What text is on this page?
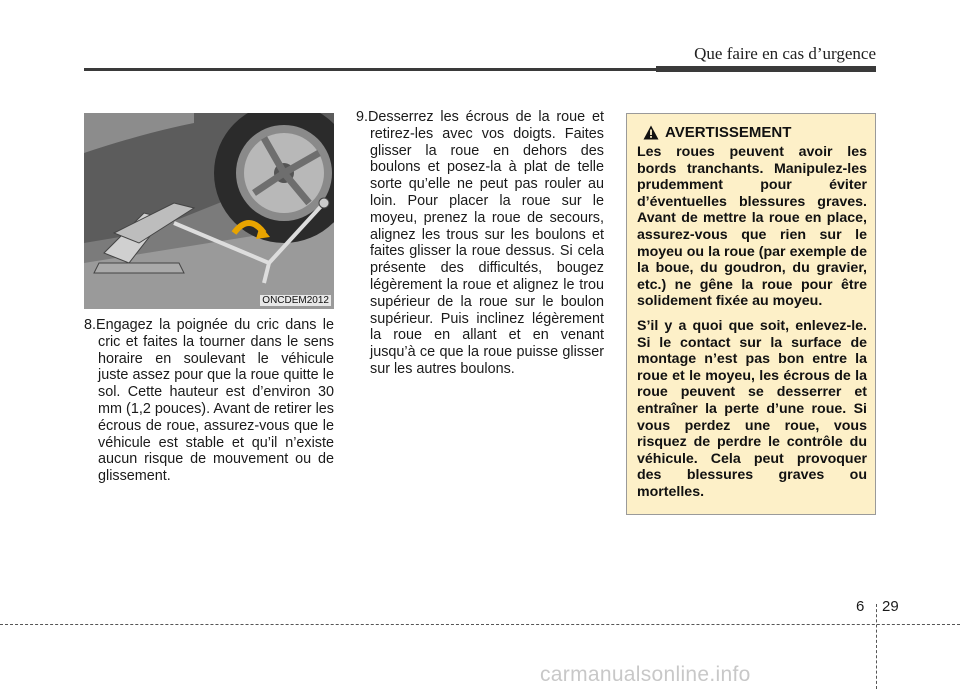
Que faire en cas d’urgence
ONCDEM2012

8.Engagez la poignée du cric dans le cric et faites la tourner dans le sens horaire en soulevant le véhicule juste assez pour que la roue quitte le sol. Cette hauteur est d’environ 30 mm (1,2 pouces). Avant de retirer les écrous de roue, assurez-vous que le véhicule est stable et qu’il n’existe aucun risque de mouvement ou de glissement.

9.Desserrez les écrous de la roue et retirez-les avec vos doigts. Faites glisser la roue en dehors des boulons et posez-la à plat de telle sorte qu’elle ne peut pas rouler au loin. Pour placer la roue sur le moyeu, prenez la roue de secours, alignez les trous sur les boulons et faites glisser la roue dessus. Si cela présente des difficultés, bougez légèrement la roue et alignez le trou supérieur de la roue sur le boulon supérieur. Puis inclinez légèrement la roue en allant et en venant jusqu’à ce que la roue puisse glisser sur les autres boulons.

AVERTISSEMENT

Les roues peuvent avoir les bords tranchants. Manipulez-les prudemment pour éviter d’éventuelles blessures graves. Avant de mettre la roue en place, assurez-vous que rien sur le moyeu ou la roue (par exemple de la boue, du goudron, du gravier, etc.) ne gêne la roue pour être solidement fixée au moyeu.

S’il y a quoi que soit, enlevez-le. Si le contact sur la surface de montage n’est pas bon entre la roue et le moyeu, les écrous de la roue peuvent se desserrer et entraîner la perte d’une roue. Si vous perdez une roue, vous risquez de perdre le contrôle du véhicule. Cela peut provoquer des blessures graves ou mortelles.

6 29
carmanualsonline.info
